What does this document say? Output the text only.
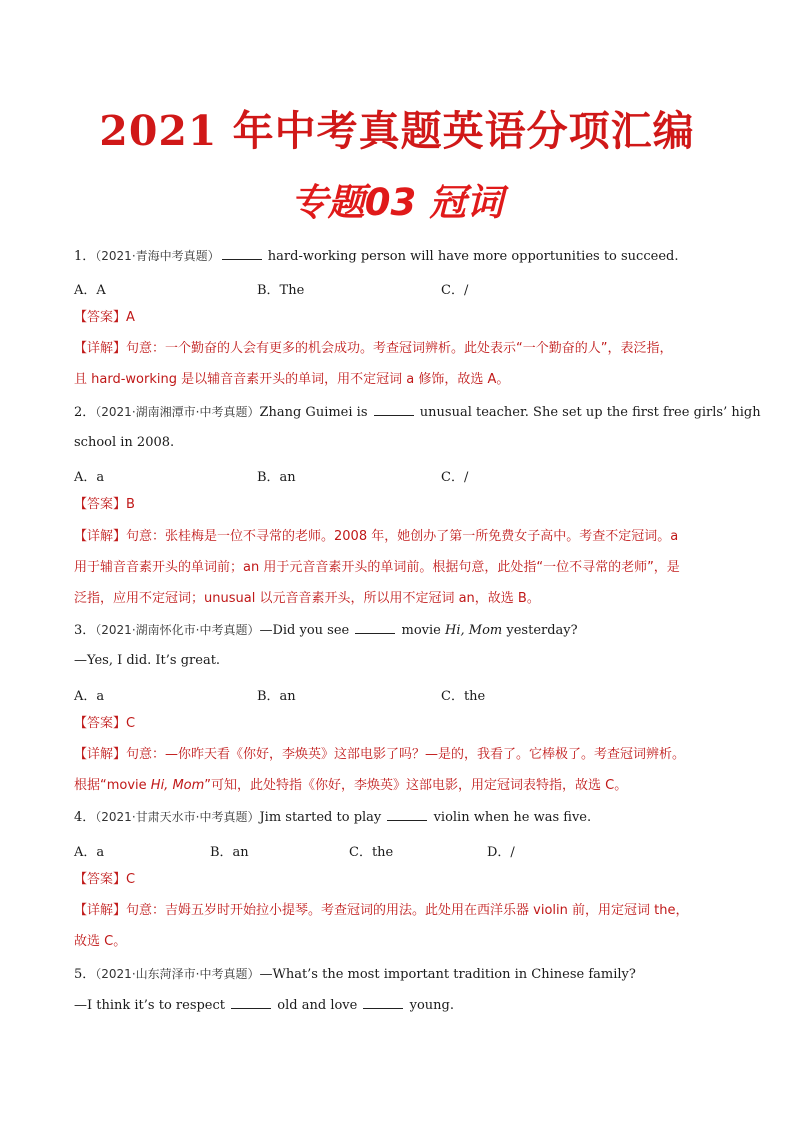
2021 年中考真题英语分项汇编
专题03 冠词
1．（2021·青海中考真题）	hard-working person will have more opportunities to succeed.
A．A	B．The	C．/
【答案】A
【详解】句意：一个勤奋的人会有更多的机会成功。考查冠词辨析。此处表示“一个勤奋的人”，表泛指，
且 hard-working 是以辅音音素开头的单词，用不定冠词 a 修饰，故选 A。
2．（2021·湖南湘潭市·中考真题）Zhang Guimei is	unusual teacher. She set up the first free girls’ high
school in 2008.
A．a	B．an	C．/
【答案】B
【详解】句意：张桂梅是一位不寻常的老师。2008 年，她创办了第一所免费女子高中。考查不定冠词。a
用于辅音音素开头的单词前；an 用于元音音素开头的单词前。根据句意，此处指“一位不寻常的老师”，是
泛指，应用不定冠词；unusual 以元音音素开头，所以用不定冠词 an，故选 B。
3．（2021·湖南怀化市·中考真题）—Did you see	movie Hi, Mom yesterday?
—Yes, I did. It’s great.
A．a	B．an	C．the
【答案】C
【详解】句意：—你昨天看《你好，李焕英》这部电影了吗？—是的，我看了。它棒极了。考查冠词辨析。
根据“movie Hi, Mom”可知，此处特指《你好，李焕英》这部电影，用定冠词表特指，故选 C。
4．（2021·甘肃天水市·中考真题）Jim started to play	violin when he was five.
A．a	B．an	C．the	D．/
【答案】C
【详解】句意：吉姆五岁时开始拉小提琴。考查冠词的用法。此处用在西洋乐器 violin 前，用定冠词 the，
故选 C。
5．（2021·山东菏泽市·中考真题）—What’s the most important tradition in Chinese family?
—I think it’s to respect	old and love	young.
